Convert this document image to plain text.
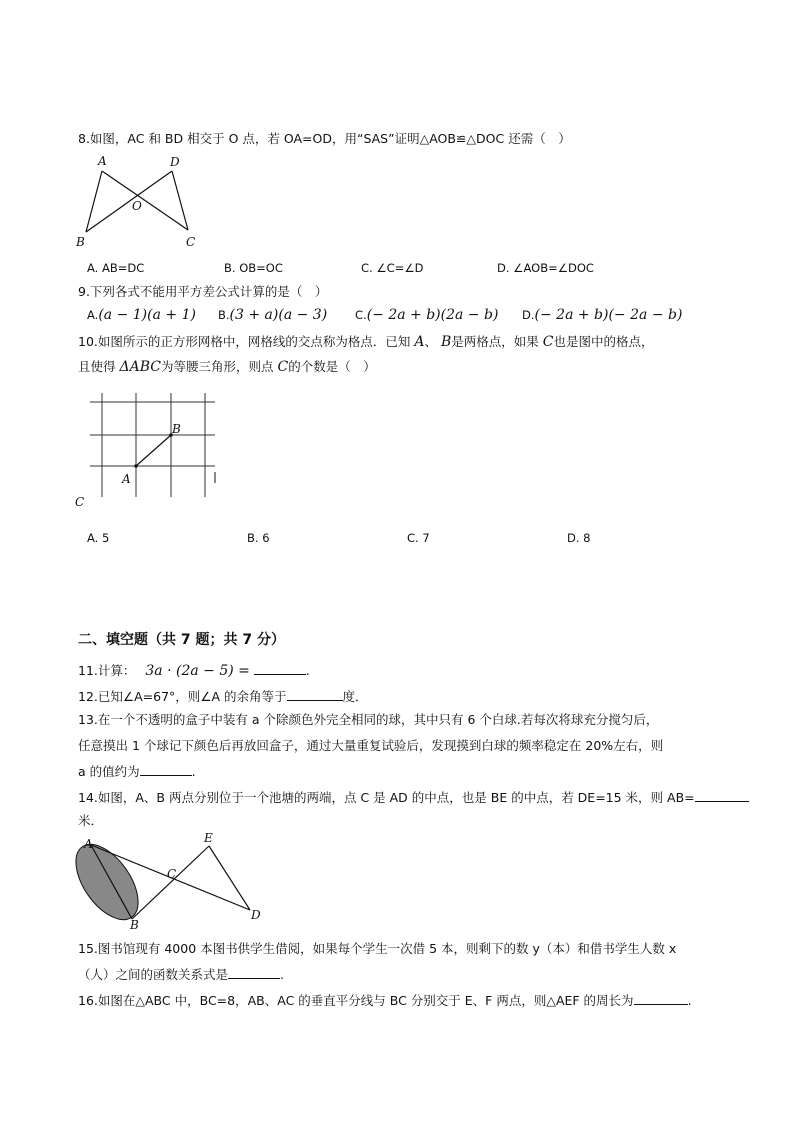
8.如图，AC 和 BD 相交于 O 点，若 OA=OD，用“SAS”证明△AOB≌△DOC 还需（　）
A	D
O
B	C
A. AB=DC	B. OB=OC	C. ∠C=∠D	D. ∠AOB=∠DOC
9.下列各式不能用平方差公式计算的是（　）
A.(a − 1)(a + 1) B.(3 + a)(a − 3) C.(− 2a + b)(2a − b) D.(− 2a + b)(− 2a − b)
10.如图所示的正方形网格中，网格线的交点称为格点．已知 A、 B是两格点，如果 C也是图中的格点，
且使得 ΔABC为等腰三角形，则点 C的个数是（　）
A
B
C
A. 5	B. 6	C. 7	D. 8
二、填空题（共 7 题；共 7 分）
11.计算： 3a · (2a − 5) =	.
12.已知∠A=67°，则∠A 的余角等于	度．
13.在一个不透明的盒子中装有 a 个除颜色外完全相同的球，其中只有 6 个白球.若每次将球充分搅匀后，
任意摸出 1 个球记下颜色后再放回盒子，通过大量重复试验后，发现摸到白球的频率稳定在 20%左右，则
a 的值约为	.
14.如图，A、B 两点分别位于一个池塘的两端，点 C 是 AD 的中点，也是 BE 的中点，若 DE=15 米，则 AB=
米．
A
B
C
D
E
15.图书馆现有 4000 本图书供学生借阅，如果每个学生一次借 5 本，则剩下的数 y（本）和借书学生人数 x
（人）之间的函数关系式是	.
16.如图在△ABC 中，BC=8，AB、AC 的垂直平分线与 BC 分别交于 E、F 两点，则△AEF 的周长为	.
